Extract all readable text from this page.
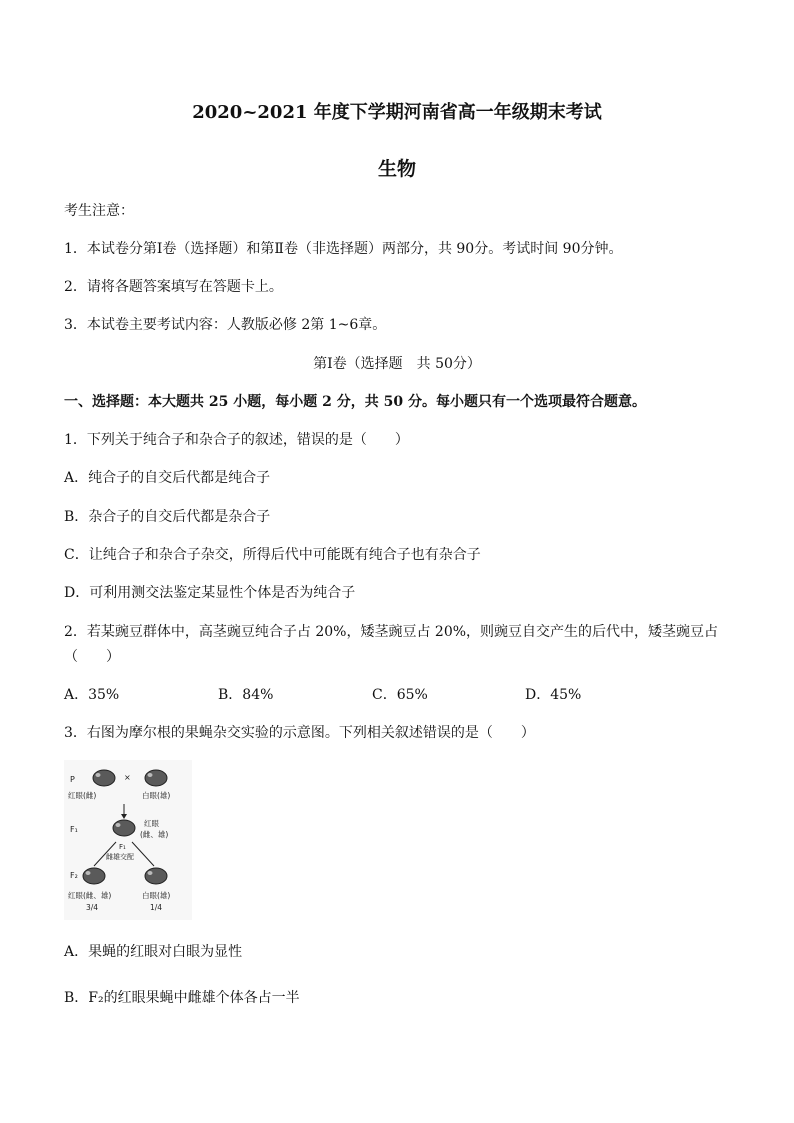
2020~2021 年度下学期河南省高一年级期末考试
生物
考生注意：
1．本试卷分第Ⅰ卷（选择题）和第Ⅱ卷（非选择题）两部分，共 90分。考试时间 90分钟。
2．请将各题答案填写在答题卡上。
3．本试卷主要考试内容：人教版必修 2第 1~6章。
第Ⅰ卷（选择题　共 50分）
一、选择题：本大题共 25 小题，每小题 2 分，共 50 分。每小题只有一个选项最符合题意。
1．下列关于纯合子和杂合子的叙述，错误的是（　　）
A．纯合子的自交后代都是纯合子
B．杂合子的自交后代都是杂合子
C．让纯合子和杂合子杂交，所得后代中可能既有纯合子也有杂合子
D．可利用测交法鉴定某显性个体是否为纯合子
2．若某豌豆群体中，高茎豌豆纯合子占 20%，矮茎豌豆占 20%，则豌豆自交产生的后代中，矮茎豌豆占
（　　）
A．35%	B．84%	C．65%	D．45%
3．右图为摩尔根的果蝇杂交实验的示意图。下列相关叙述错误的是（　　）
P	×
红眼(雌)	白眼(雄)
F₁
红眼
(雌、雄)
F₁
雌雄交配
F₂
红眼(雌、雄)	白眼(雄)
3/4	1/4
A．果蝇的红眼对白眼为显性
B．F₂的红眼果蝇中雌雄个体各占一半
